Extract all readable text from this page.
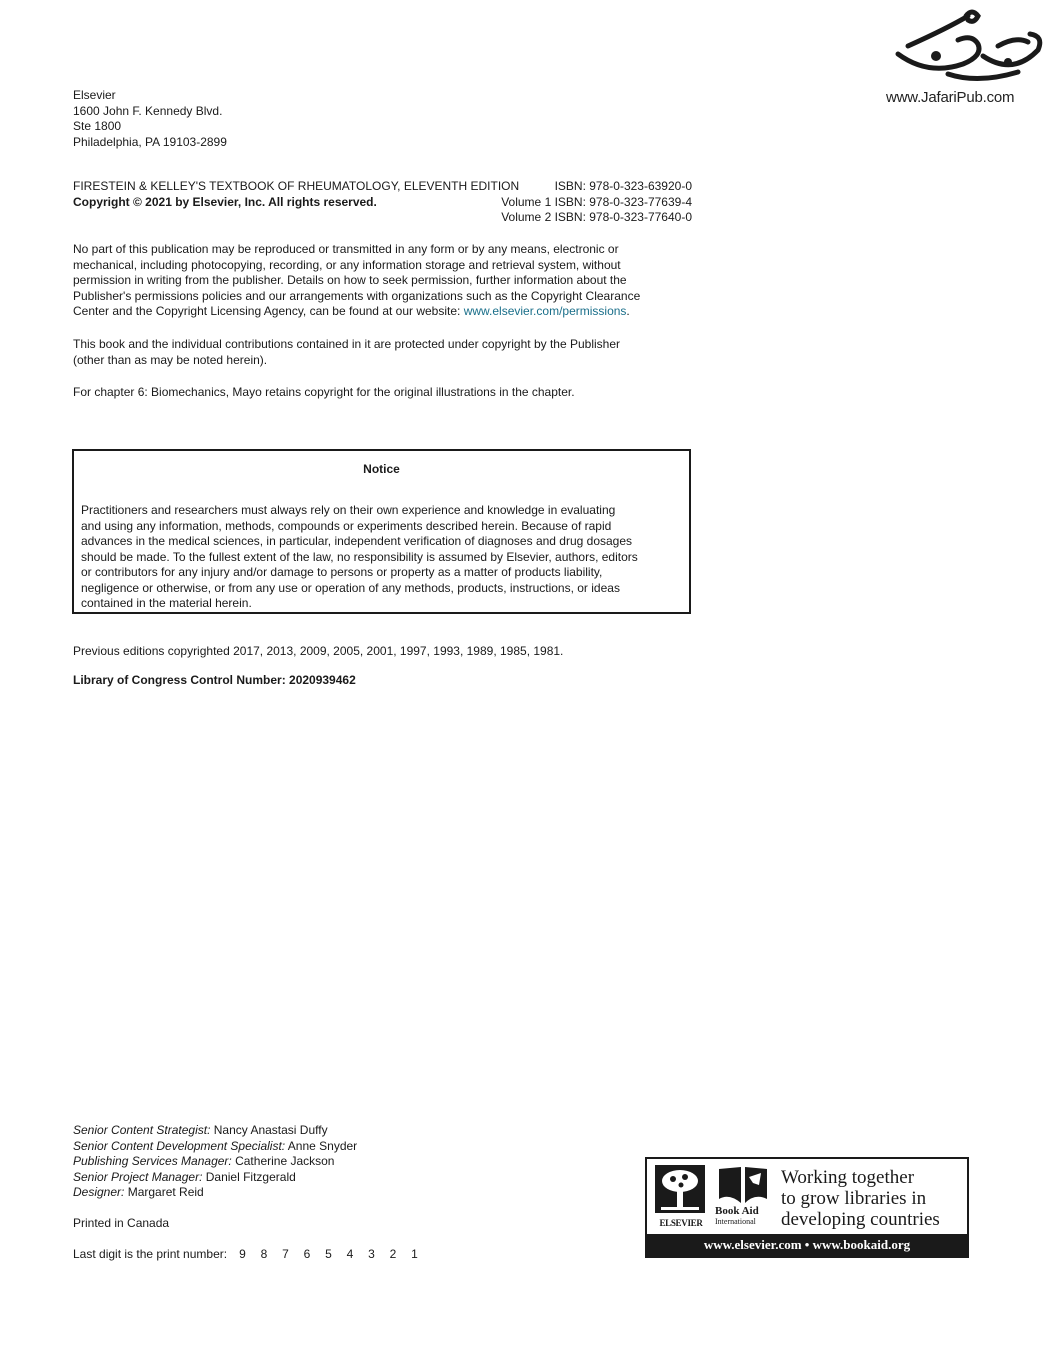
www.JafariPub.com
Elsevier
1600 John F. Kennedy Blvd.
Ste 1800
Philadelphia, PA 19103-2899
FIRESTEIN & KELLEY'S TEXTBOOK OF RHEUMATOLOGY, ELEVENTH EDITION
Copyright © 2021 by Elsevier, Inc. All rights reserved.
ISBN: 978-0-323-63920-0
Volume 1 ISBN: 978-0-323-77639-4
Volume 2 ISBN: 978-0-323-77640-0
No part of this publication may be reproduced or transmitted in any form or by any means, electronic or
mechanical, including photocopying, recording, or any information storage and retrieval system, without
permission in writing from the publisher. Details on how to seek permission, further information about the
Publisher's permissions policies and our arrangements with organizations such as the Copyright Clearance
Center and the Copyright Licensing Agency, can be found at our website: www.elsevier.com/permissions.
This book and the individual contributions contained in it are protected under copyright by the Publisher
(other than as may be noted herein).
For chapter 6: Biomechanics, Mayo retains copyright for the original illustrations in the chapter.
Notice
Practitioners and researchers must always rely on their own experience and knowledge in evaluating
and using any information, methods, compounds or experiments described herein. Because of rapid
advances in the medical sciences, in particular, independent verification of diagnoses and drug dosages
should be made. To the fullest extent of the law, no responsibility is assumed by Elsevier, authors, editors
or contributors for any injury and/or damage to persons or property as a matter of products liability,
negligence or otherwise, or from any use or operation of any methods, products, instructions, or ideas
contained in the material herein.
Previous editions copyrighted 2017, 2013, 2009, 2005, 2001, 1997, 1993, 1989, 1985, 1981.
Library of Congress Control Number: 2020939462
Senior Content Strategist: Nancy Anastasi Duffy
Senior Content Development Specialist: Anne Snyder
Publishing Services Manager: Catherine Jackson
Senior Project Manager: Daniel Fitzgerald
Designer: Margaret Reid
Printed in Canada
Last digit is the print number: 9 8 7 6 5 4 3 2 1
ELSEVIER
Book Aid
International
Working together
to grow libraries in
developing countries
www.elsevier.com • www.bookaid.org
